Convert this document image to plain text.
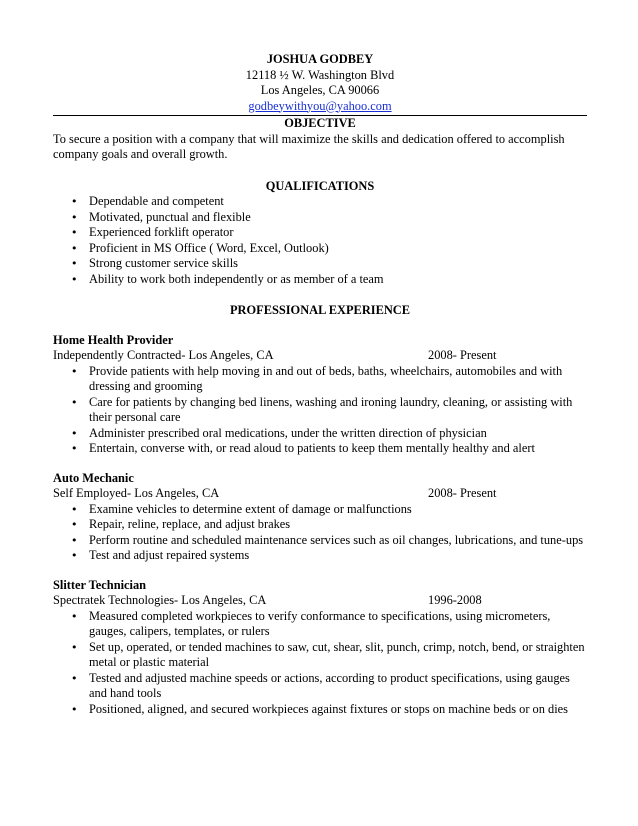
JOSHUA GODBEY
12118 ½ W. Washington Blvd
Los Angeles, CA 90066
godbeywithyou@yahoo.com
OBJECTIVE

To secure a position with a company that will maximize the skills and dedication offered to accomplish company goals and overall growth.

QUALIFICATIONS
• Dependable and competent
• Motivated, punctual and flexible
• Experienced forklift operator
• Proficient in MS Office ( Word, Excel, Outlook)
• Strong customer service skills
• Ability to work both independently or as member of a team
PROFESSIONAL EXPERIENCE
Home Health Provider
Independently Contracted- Los Angeles, CA	2008- Present
• Provide patients with help moving in and out of beds, baths, wheelchairs, automobiles and with dressing and grooming
• Care for patients by changing bed linens, washing and ironing laundry, cleaning, or assisting with their personal care
• Administer prescribed oral medications, under the written direction of physician
• Entertain, converse with, or read aloud to patients to keep them mentally healthy and alert
Auto Mechanic
Self Employed- Los Angeles, CA	2008- Present
• Examine vehicles to determine extent of damage or malfunctions
• Repair, reline, replace, and adjust brakes
• Perform routine and scheduled maintenance services such as oil changes, lubrications, and tune-ups
• Test and adjust repaired systems
Slitter Technician
Spectratek Technologies- Los Angeles, CA	1996-2008
• Measured completed workpieces to verify conformance to specifications, using micrometers, gauges, calipers, templates, or rulers
• Set up, operated, or tended machines to saw, cut, shear, slit, punch, crimp, notch, bend, or straighten metal or plastic material
• Tested and adjusted machine speeds or actions, according to product specifications, using gauges and hand tools
• Positioned, aligned, and secured workpieces against fixtures or stops on machine beds or on dies
